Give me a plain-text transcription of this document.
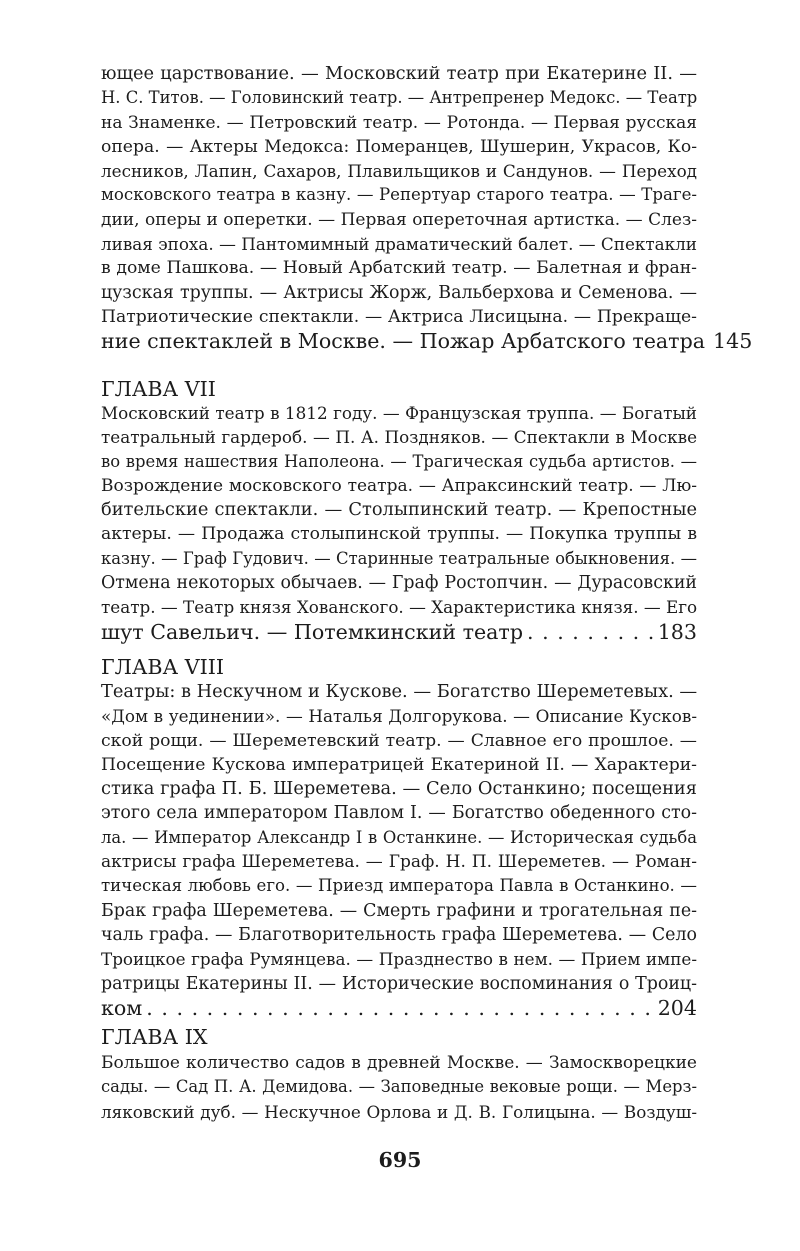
ющее царствование. — Московский театр при Екатерине II. —
Н. С. Титов. — Головинский театр. — Антрепренер Медокс. — Театр
на Знаменке. — Петровский театр. — Ротонда. — Первая русская
опера. — Актеры Медокса: Померанцев, Шушерин, Украсов, Ко-
лесников, Лапин, Сахаров, Плавильщиков и Сандунов. — Переход
московского театра в казну. — Репертуар старого театра. — Траге-
дии, оперы и оперетки. — Первая опереточная артистка. — Слез-
ливая эпоха. — Пантомимный драматический балет. — Спектакли
в доме Пашкова. — Новый Арбатский театр. — Балетная и фран-
цузская труппы. — Актрисы Жорж, Вальберхова и Семенова. —
Патриотические спектакли. — Актриса Лисицына. — Прекраще-
ние спектаклей в Москве. — Пожар Арбатского театра 145
ГЛАВА VII
Московский театр в 1812 году. — Французская труппа. — Богатый
театральный гардероб. — П. А. Поздняков. — Спектакли в Москве
во время нашествия Наполеона. — Трагическая судьба артистов. —
Возрождение московского театра. — Апраксинский театр. — Лю-
бительские спектакли. — Столыпинский театр. — Крепостные
актеры. — Продажа столыпинской труппы. — Покупка труппы в
казну. — Граф Гудович. — Старинные театральные обыкновения. —
Отмена некоторых обычаев. — Граф Ростопчин. — Дурасовский
театр. — Театр князя Хованского. — Характеристика князя. — Его
шут Савельич. — Потемкинский театр . . .	183
ГЛАВА VIII
Театры: в Нескучном и Кускове. — Богатство Шереметевых. —
«Дом в уединении». — Наталья Долгорукова. — Описание Кусков-
ской рощи. — Шереметевский театр. — Славное его прошлое. —
Посещение Кускова императрицей Екатериной II. — Характери-
стика графа П. Б. Шереметева. — Село Останкино; посещения
этого села императором Павлом I. — Богатство обеденного сто-
ла. — Император Александр I в Останкине. — Историческая судьба
актрисы графа Шереметева. — Граф. Н. П. Шереметев. — Роман-
тическая любовь его. — Приезд императора Павла в Останкино. —
Брак графа Шереметева. — Смерть графини и трогательная пе-
чаль графа. — Благотворительность графа Шереметева. — Село
Троицкое графа Румянцева. — Празднество в нем. — Прием импе-
ратрицы Екатерины II. — Исторические воспоминания о Троиц-
ком . . .	204
ГЛАВА IX
Большое количество садов в древней Москве. — Замоскворецкие
сады. — Сад П. А. Демидова. — Заповедные вековые рощи. — Мерз-
ляковский дуб. — Нескучное Орлова и Д. В. Голицына. — Воздуш-
695
